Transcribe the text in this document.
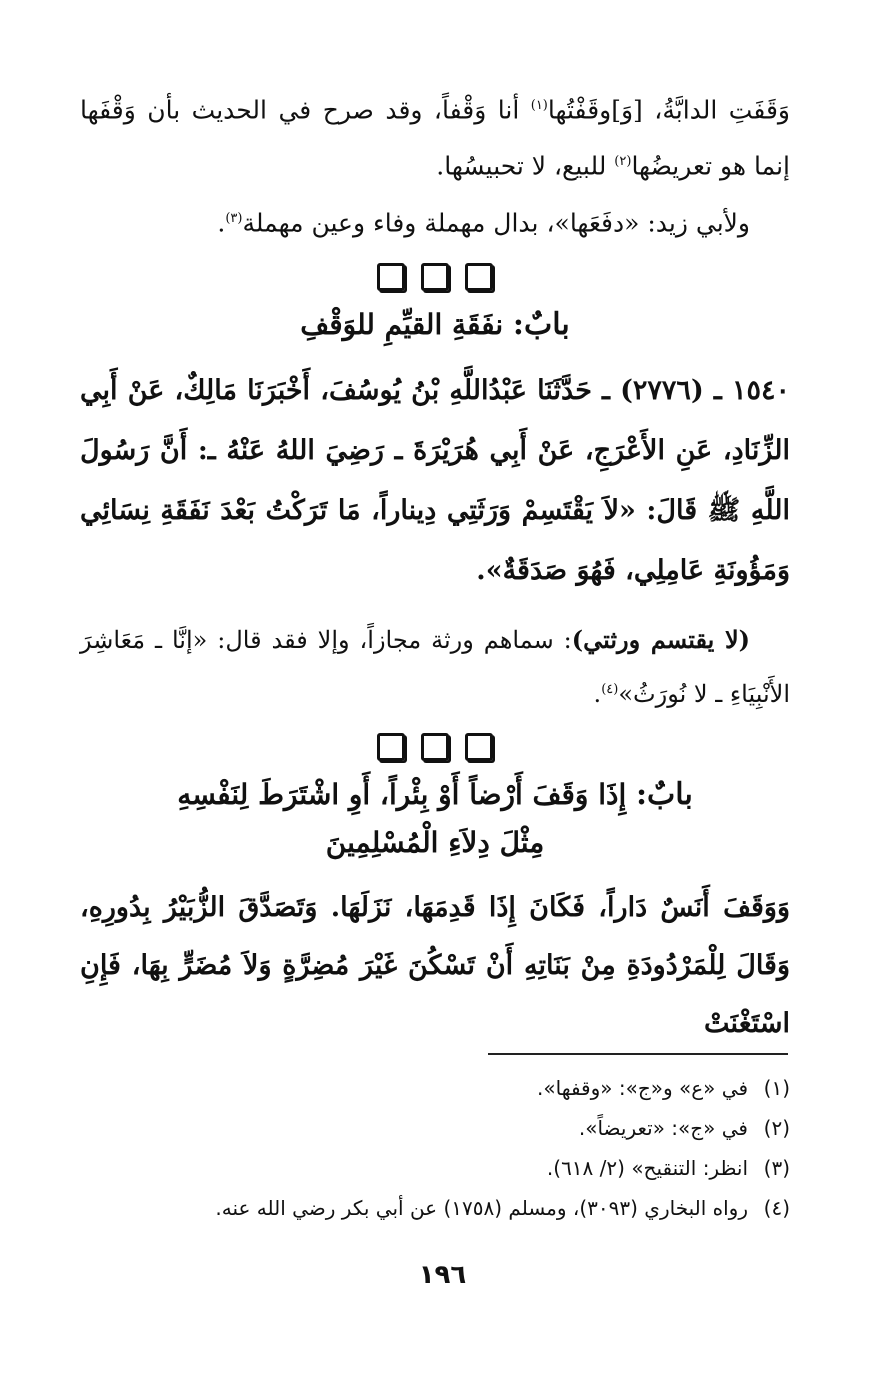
وَقَفَتِ الدابَّةُ، [وَ]وقَفْتُها$^{(١)}$ أنا وَقْفاً، وقد صرح في الحديث بأن وَقْفَها إنما هو تعريضُها$^{(٢)}$ للبيع، لا تحبيسُها.

ولأبي زيد: «دفَعَها»، بدال مهملة وفاء وعين مهملة$^{(٣)}$.

بابٌ: نفَقَةِ القيِّمِ للوَقْفِ

١٥٤٠ ـ (٢٧٧٦) ـ حَدَّثَنَا عَبْدُاللَّهِ بْنُ يُوسُفَ، أَخْبَرَنَا مَالِكٌ، عَنْ أَبِي الزِّنَادِ، عَنِ الأَعْرَجِ، عَنْ أَبِي هُرَيْرَةَ ـ رَضِيَ اللهُ عَنْهُ ـ: أَنَّ رَسُولَ اللَّهِ ﷺ قَالَ: «لاَ يَقْتَسِمْ وَرَثَتِي دِيناراً، مَا تَرَكْتُ بَعْدَ نَفَقَةِ نِسَائِي وَمَؤُونَةِ عَامِلِي، فَهُوَ صَدَقَةٌ».

(لا يقتسم ورثتي): سماهم ورثة مجازاً، وإلا فقد قال: «إنَّا ـ مَعَاشِرَ الأَنْبِيَاءِ ـ لا نُورَثُ»$^{(٤)}$.

بابٌ: إِذَا وَقَفَ أَرْضاً أَوْ بِئْراً، أَوِ اشْتَرَطَ لِنَفْسِهِ
مِثْلَ دِلاَءِ الْمُسْلِمِينَ

وَوَقَفَ أَنَسٌ دَاراً، فَكَانَ إِذَا قَدِمَهَا، نَزَلَهَا. وَتَصَدَّقَ الزُّبَيْرُ بِدُورِهِ، وَقَالَ لِلْمَرْدُودَةِ مِنْ بَنَاتِهِ أَنْ تَسْكُنَ غَيْرَ مُضِرَّةٍ وَلاَ مُضَرٍّ بِهَا، فَإِنِ اسْتَغْنَتْ

(١)في «ع» و«ج»: «وقفها».
(٢)في «ج»: «تعريضاً».
(٣)انظر: التنقيح» (٢/ ٦١٨).
(٤)رواه البخاري (٣٠٩٣)، ومسلم (١٧٥٨) عن أبي بكر رضي الله عنه.
١٩٦
